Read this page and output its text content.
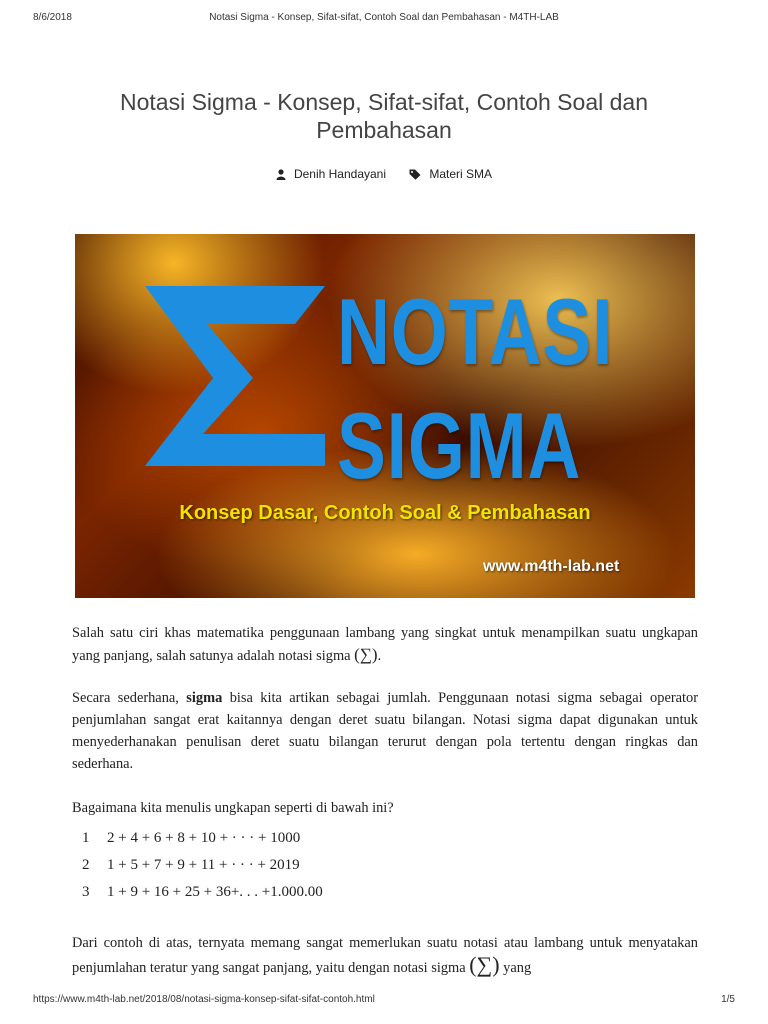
8/6/2018	Notasi Sigma - Konsep, Sifat-sifat, Contoh Soal dan Pembahasan - M4TH-LAB
Notasi Sigma - Konsep, Sifat-sifat, Contoh Soal dan Pembahasan
Denih Handayani
	Materi SMA
NOTASI
SIGMA
Konsep Dasar, Contoh Soal & Pembahasan
www.m4th-lab.net

Salah satu ciri khas matematika penggunaan lambang yang singkat untuk menampilkan suatu ungkapan yang panjang, salah satunya adalah notasi sigma (∑).

Secara sederhana, sigma bisa kita artikan sebagai jumlah. Penggunaan notasi sigma sebagai operator penjumlahan sangat erat kaitannya dengan deret suatu bilangan. Notasi sigma dapat digunakan untuk menyederhanakan penulisan deret suatu bilangan terurut dengan pola tertentu dengan ringkas dan sederhana.

Bagaimana kita menulis ungkapan seperti di bawah ini?

1	2 + 4 + 6 + 8 + 10 + · · · + 1000
2	1 + 5 + 7 + 9 + 11 + · · · + 2019
3	1 + 9 + 16 + 25 + 36+. . . +1.000.00

Dari contoh di atas, ternyata memang sangat memerlukan suatu notasi atau lambang untuk menyatakan penjumlahan teratur yang sangat panjang, yaitu dengan notasi sigma (∑) yang

https://www.m4th-lab.net/2018/08/notasi-sigma-konsep-sifat-sifat-contoh.html	1/5
